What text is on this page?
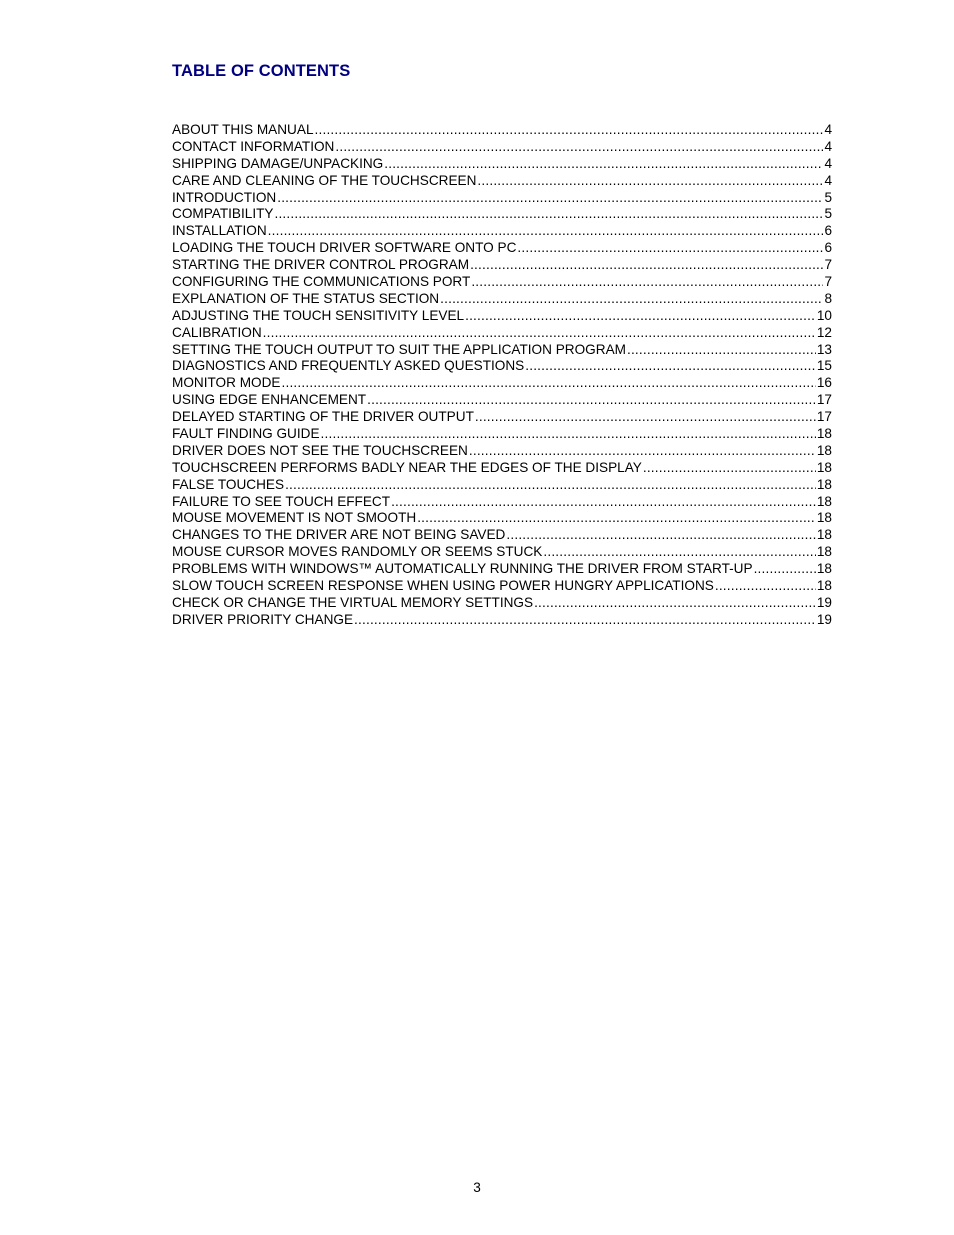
TABLE OF CONTENTS
ABOUT THIS MANUAL .....	4
CONTACT INFORMATION .....	4
SHIPPING DAMAGE/UNPACKING .....	4
CARE AND CLEANING OF THE TOUCHSCREEN .....	4
INTRODUCTION .....	5
COMPATIBILITY .....	5
INSTALLATION .....	6
LOADING THE TOUCH DRIVER SOFTWARE ONTO PC .....	6
STARTING THE DRIVER CONTROL PROGRAM .....	7
CONFIGURING THE COMMUNICATIONS PORT .....	7
EXPLANATION OF THE STATUS SECTION .....	8
ADJUSTING THE TOUCH SENSITIVITY LEVEL .....	10
CALIBRATION .....	12
SETTING THE TOUCH OUTPUT TO SUIT THE APPLICATION PROGRAM .....	13
DIAGNOSTICS AND FREQUENTLY ASKED QUESTIONS .....	15
MONITOR MODE .....	16
USING EDGE ENHANCEMENT .....	17
DELAYED STARTING OF THE DRIVER OUTPUT .....	17
FAULT FINDING GUIDE .....	18
DRIVER DOES NOT SEE THE TOUCHSCREEN .....	18
TOUCHSCREEN PERFORMS BADLY NEAR THE EDGES OF THE DISPLAY .....	18
FALSE TOUCHES .....	18
FAILURE TO SEE TOUCH EFFECT .....	18
MOUSE MOVEMENT IS NOT SMOOTH .....	18
CHANGES TO THE DRIVER ARE NOT BEING SAVED .....	18
MOUSE CURSOR MOVES RANDOMLY OR SEEMS STUCK .....	18
PROBLEMS WITH WINDOWS™ AUTOMATICALLY RUNNING THE DRIVER FROM START-UP .....	18
SLOW TOUCH SCREEN RESPONSE WHEN USING POWER HUNGRY APPLICATIONS .....	18
CHECK OR CHANGE THE VIRTUAL MEMORY SETTINGS .....	19
DRIVER PRIORITY CHANGE .....	19
3
